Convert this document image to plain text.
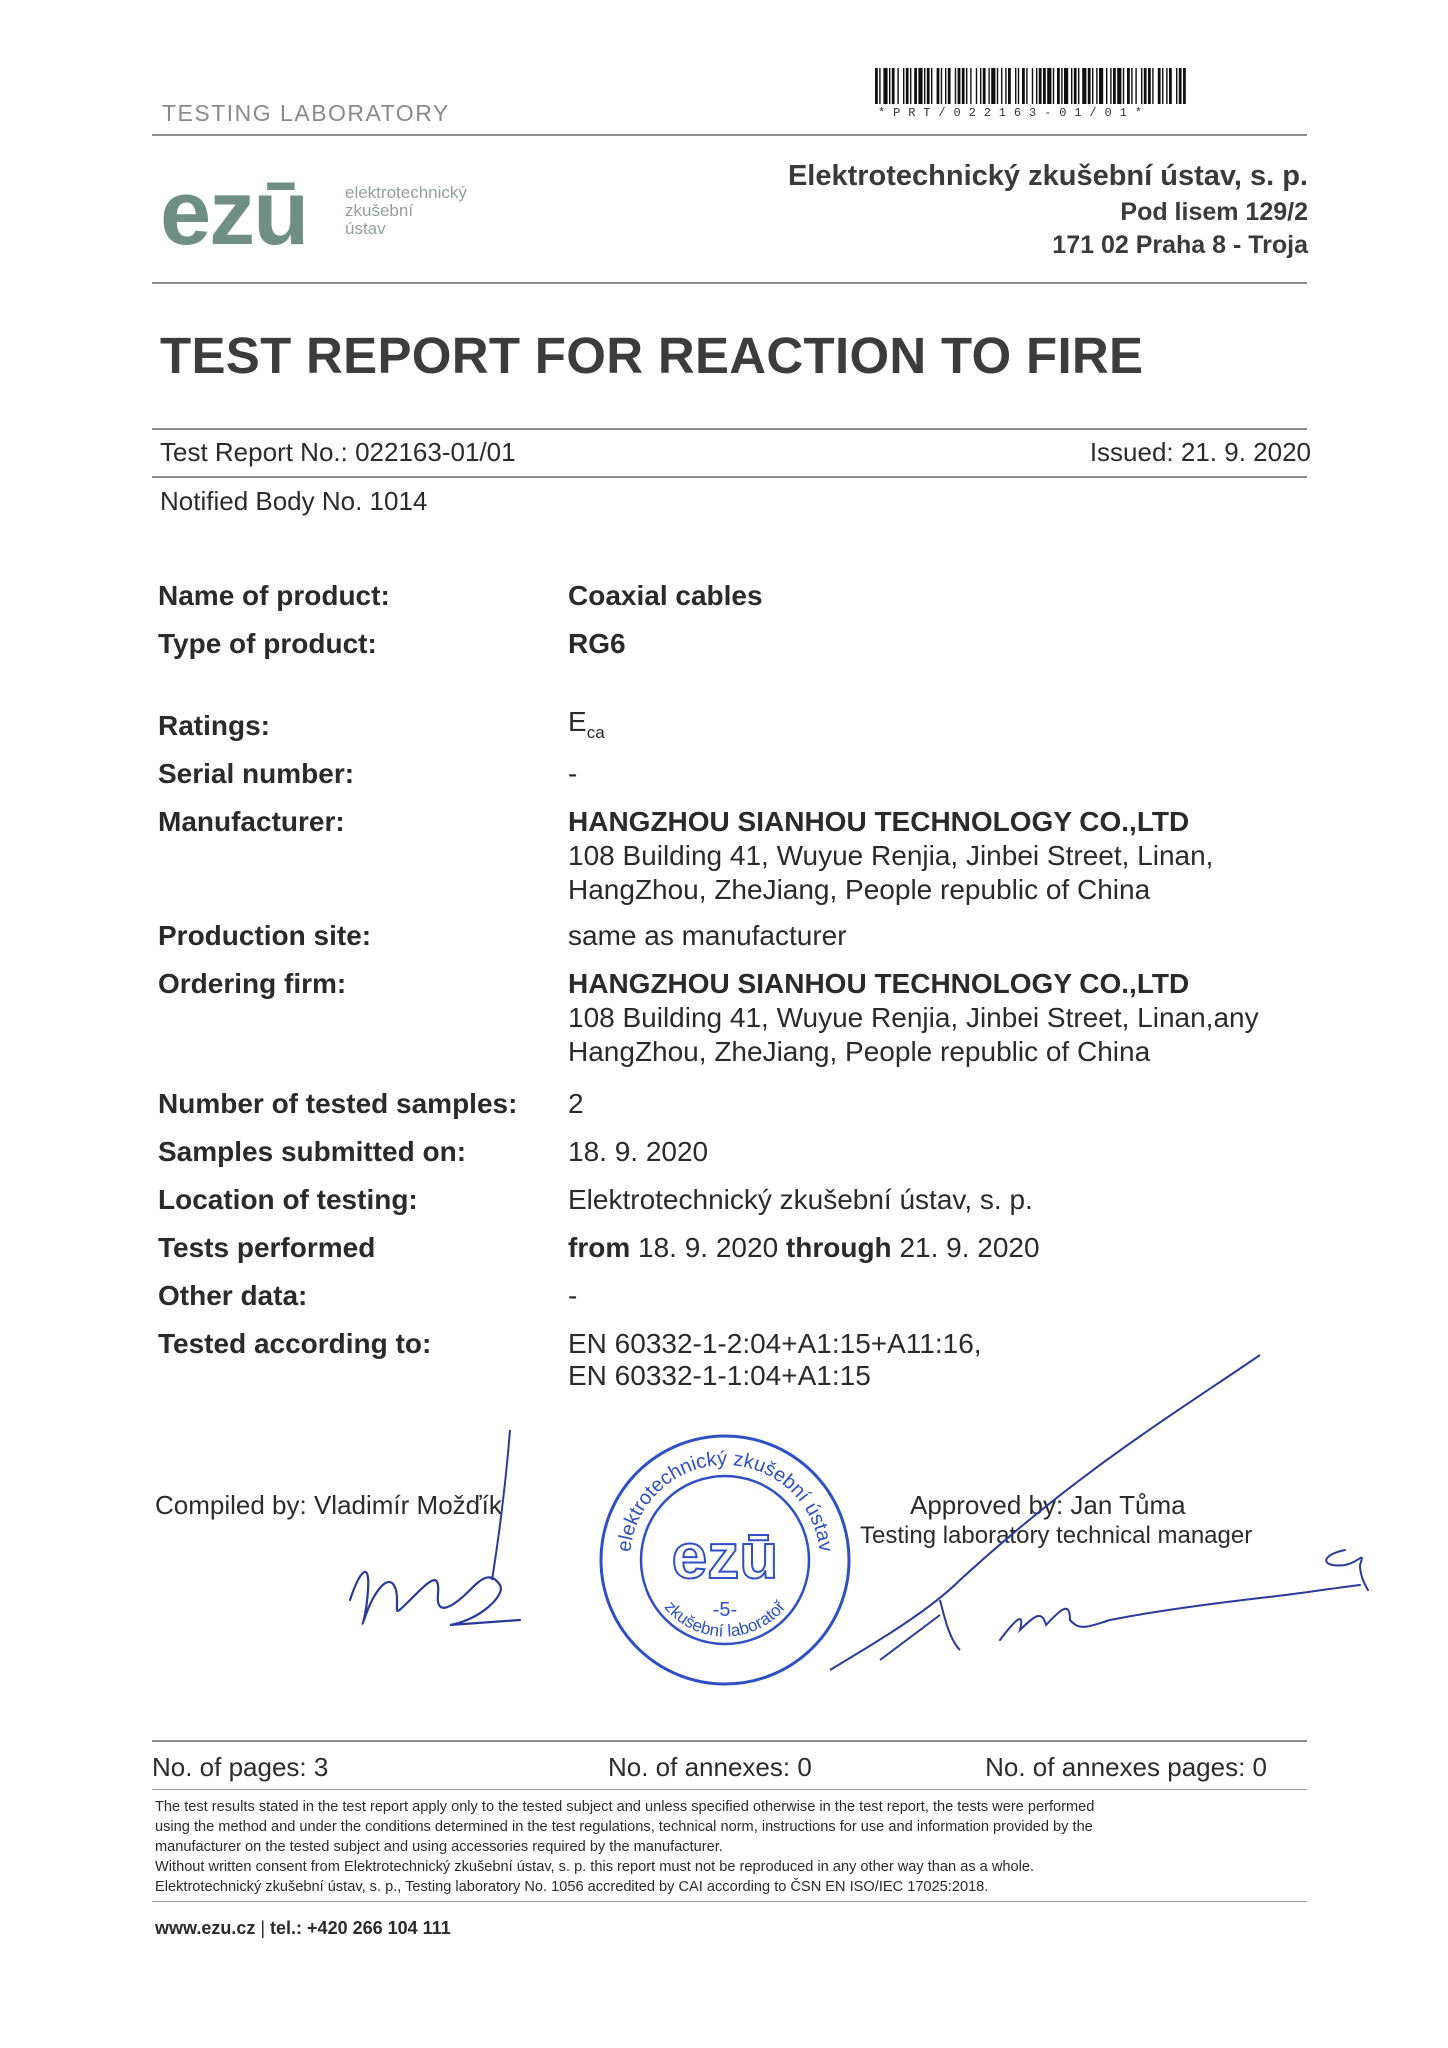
TESTING LABORATORY	*PRT/022163-01/01*
ezū elektrotechnický
zkušební
ústav
Elektrotechnický zkušební ústav, s. p.
Pod lisem 129/2
171 02 Praha 8 - Troja
TEST REPORT FOR REACTION TO FIRE
Test Report No.: 022163-01/01	Issued: 21. 9. 2020
Notified Body No. 1014
Name of product:	Coaxial cables
Type of product:	RG6
Ratings:	$E_{ca}$
Serial number:	-
Manufacturer:	HANGZHOU SIANHOU TECHNOLOGY CO.,LTD
108 Building 41, Wuyue Renjia, Jinbei Street, Linan,
HangZhou, ZheJiang, People republic of China
Production site:	same as manufacturer
Ordering firm:	HANGZHOU SIANHOU TECHNOLOGY CO.,LTD
108 Building 41, Wuyue Renjia, Jinbei Street, Linan,any
HangZhou, ZheJiang, People republic of China
Number of tested samples: 2
Samples submitted on:	18. 9. 2020
Location of testing:	Elektrotechnický zkušební ústav, s. p.
Tests performed	from 18. 9. 2020 through 21. 9. 2020
Other data:	-
Tested according to:	EN 60332-1-2:04+A1:15+A11:16,
EN 60332-1-1:04+A1:15
Compiled by: Vladimír Možďík
elektrotechnický zkušební ústav
ezū
-5-
zkušební laboratoř
Approved by: Jan Tůma
Testing laboratory technical manager
No. of pages: 3	No. of annexes: 0	No. of annexes pages: 0
The test results stated in the test report apply only to the tested subject and unless specified otherwise in the test report, the tests were performed
using the method and under the conditions determined in the test regulations, technical norm, instructions for use and information provided by the
manufacturer on the tested subject and using accessories required by the manufacturer.
Without written consent from Elektrotechnický zkušební ústav, s. p. this report must not be reproduced in any other way than as a whole.
Elektrotechnický zkušební ústav, s. p., Testing laboratory No. 1056 accredited by CAI according to ČSN EN ISO/IEC 17025:2018.
www.ezu.cz | tel.: +420 266 104 111
